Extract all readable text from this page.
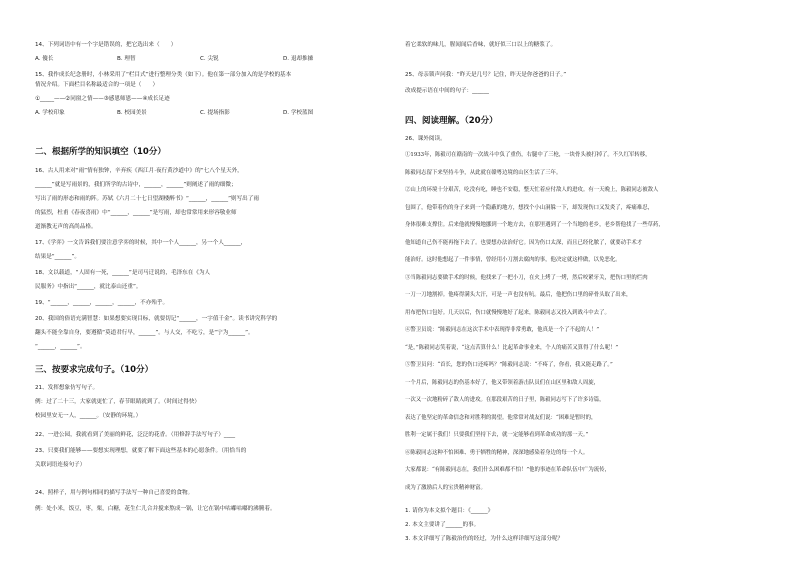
14、下列词语中有一个字是错误的，把它选出来（　　）
A. 傻长	B. 理智	C. 尖锐	D. 退却推搡
15、我作成长纪念册时，小林采用了“栏目式”进行整理分类（如下）。他在第一部分加入的是学校的基本
情况介绍。下面栏目名称最适合的一项是（　　）
①_____——②同窗之情——③感恩师恩——④成长足迹
A. 学校印象	B. 校园美景	C. 提场指影	D. 学校蓝图
二、根据所学的知识填空（10分）
16、古人用来对“雨”情有独钟，辛弃疾《西江月·夜行黄沙道中》的“七八个星天外，
______”就是写雨景的，我们所学的古诗中，______，______”则阐述了雨的细微；
写出了雨的形态和雨的阵。苏轼《六月二十七日望湖楼醉书》“______，______”则写出了雨
的猛烈，杜甫《春夜喜雨》中“______，______”是写雨，却也常常用来形容敬业师
道渐教无声的高尚品格。
17、《学弈》一文告诉我们要注意学弈的时候，其中一个人______，另一个人______，
结果是“______”。
18、文以载道，“人固有一死，______”是司马迁说的，毛泽东在《为人
民服务》中指出“______，就比泰山还重”。
19、“______，______，______，______，不亦殆乎。
20、我国的俗语充满智慧：如果想要实现目标，就要切记“______，一字值千金”。读书讲究科学的
翻头不能全靠自身，要遵循“莫道君行早，______”。与人交，不吃亏，是“宁为______”。
“______，______”。
三、按要求完成句子。（10分）
21、发挥想象仿写句子。
例：过了二十三，大家就更忙了，春节眼睛就到了。（时间过得快）
校园里安无一人，______。（安静的环境。）
22、一进公园，我就看到了美丽的鲜花，泛泛的花香。（用修辞手法写句子）____
23、只要我们能够——要想实现理想，就要了解下面这些基本的心愿条件。（用恰当的
关联词语连接句子）
24、照样子，用与例句相同的描写手法写一种自己喜爱的食物。
例：处小米，饭豆，枣，栗，白糖，花生仁儿合并搅来熬成一锅，让它在锅中咕嘟咕嘟的沸腾着。
着它柔软的味儿，腥闻闻后香味，就好似三口以上的糖浆了。
25、母亲锁声问我：“昨天是几号？记住，昨天是你爸爸的日子。”
改成提示语在中间的句子：______
四、阅读理解。（20分）
26、课外阅读。
①1933年，陈毅司在赣南的一次战斗中负了重伤，右腿中了三枪，一块骨头被打掉了。不久红军转移，
陈毅同志留下来坚持斗争，从此就在赣粤边境的山区生活了三年。
②山上的环境十分艰苦，吃没有吃，睡也不安稳，整天忙着应付敌人的进攻。有一天晚上，陈毅同志被敌人
包围了，他带着伤的身子来到一个隐蔽的地方，想找个小山洞躲一下，却发现伤口又发炎了，疼痛难忍，
身体很难支撑住。后来他就慢慢地挪到一个地方去，在那里遇到了一个当地的老乡，老乡帮他找了一些草药，
他知道自己伤不能再拖下去了。也要想办法治好它。因为伤口太深，而且已经化脓了，就要动手术才
能治好。这时他想起了一件事情，曾经用小刀割去腐肉的事，他决定就这样做，以免恶化。
③当陈毅同志要做手术的时候，他找来了一把小刀，在火上烤了一烤，然后咬紧牙关，把伤口里的烂肉
一刀一刀地割掉。他疼得满头大汗，可是一声也没有吭。最后，他把伤口里的碎骨头取了出来，
用布把伤口包好。几天以后，伤口就慢慢地好了起来，陈毅同志又投入到战斗中去了。
④警卫员说：“陈毅同志在这次手术中表现得非常勇敢，他真是一个了不起的人！”
“是，”陈毅同志笑着说，“这点苦算什么！比起革命事业来，个人的痛苦又算得了什么呢！”
⑤警卫员问：“首长，您的伤口还疼吗？”陈毅同志说：“不疼了，你看，我又能走路了。”
一个月后，陈毅同志的伤基本好了，他又带领着游击队员们在山区里和敌人周旋，
一次又一次地粉碎了敌人的进攻。在那段艰苦的日子里，陈毅同志写下了许多诗篇，
表达了他坚定的革命信念和对胜利的渴望。他常常对战友们说：“困难是暂时的，
胜利一定属于我们！只要我们坚持下去，就一定能够看到革命成功的那一天。”
⑥陈毅同志这种不怕困难、勇于牺牲的精神，深深地感染着身边的每一个人。
大家都说：“有陈毅同志在，我们什么困难都不怕！”他的事迹在革命队伍中广为流传，
成为了激励后人的宝贵精神财富。
1. 请你为本文拟个题目：《______》
2. 本文主要讲了______的事。
3. 本文详细写了陈毅治伤的经过，为什么这样详细写这部分呢？
